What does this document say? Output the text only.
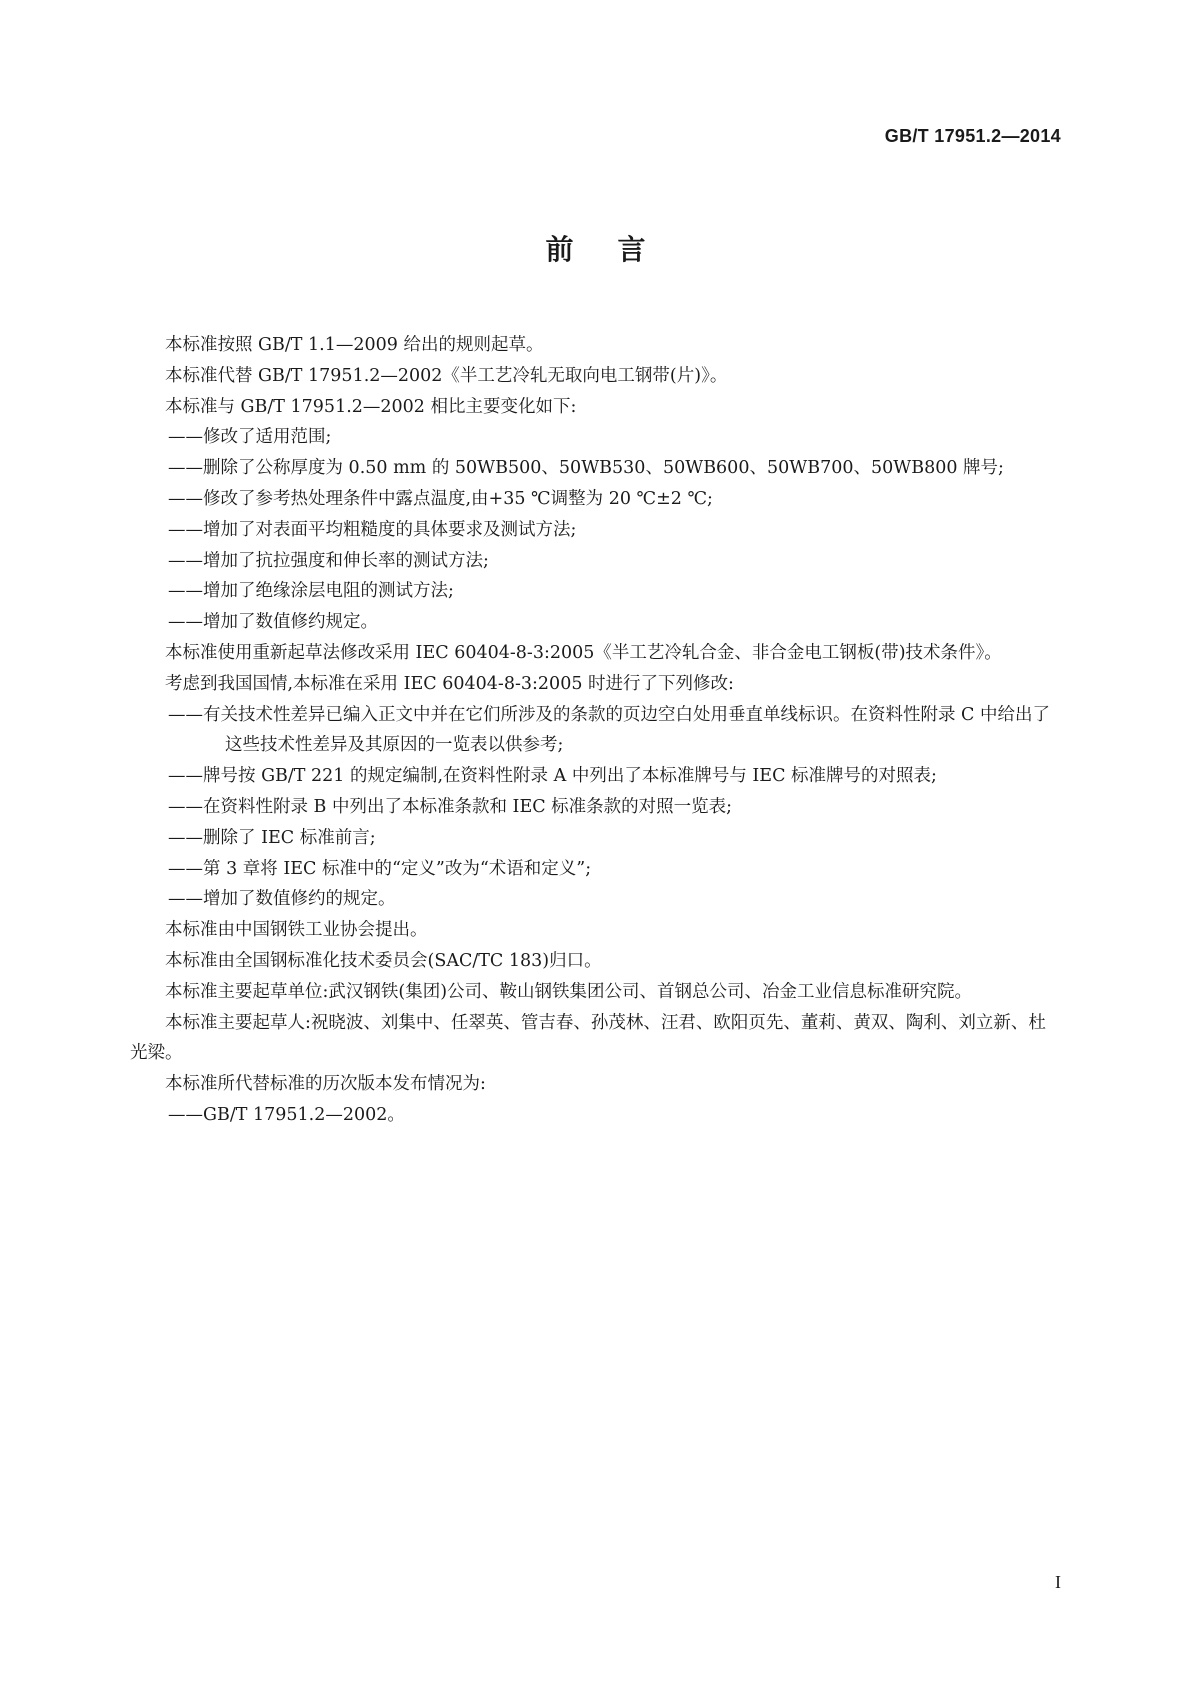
GB/T 17951.2—2014
前言

本标准按照 GB/T 1.1—2009 给出的规则起草。

本标准代替 GB/T 17951.2—2002《半工艺冷轧无取向电工钢带(片)》。

本标准与 GB/T 17951.2—2002 相比主要变化如下:

——修改了适用范围;

——删除了公称厚度为 0.50 mm 的 50WB500、50WB530、50WB600、50WB700、50WB800 牌号;

——修改了参考热处理条件中露点温度,由+35 ℃调整为 20 ℃±2 ℃;

——增加了对表面平均粗糙度的具体要求及测试方法;

——增加了抗拉强度和伸长率的测试方法;

——增加了绝缘涂层电阻的测试方法;

——增加了数值修约规定。

本标准使用重新起草法修改采用 IEC 60404-8-3:2005《半工艺冷轧合金、非合金电工钢板(带)技术条件》。

考虑到我国国情,本标准在采用 IEC 60404-8-3:2005 时进行了下列修改:

——有关技术性差异已编入正文中并在它们所涉及的条款的页边空白处用垂直单线标识。在资料性附录 C 中给出了这些技术性差异及其原因的一览表以供参考;

——牌号按 GB/T 221 的规定编制,在资料性附录 A 中列出了本标准牌号与 IEC 标准牌号的对照表;

——在资料性附录 B 中列出了本标准条款和 IEC 标准条款的对照一览表;

——删除了 IEC 标准前言;

——第 3 章将 IEC 标准中的“定义”改为“术语和定义”;

——增加了数值修约的规定。

本标准由中国钢铁工业协会提出。

本标准由全国钢标准化技术委员会(SAC/TC 183)归口。

本标准主要起草单位:武汉钢铁(集团)公司、鞍山钢铁集团公司、首钢总公司、冶金工业信息标准研究院。

本标准主要起草人:祝晓波、刘集中、任翠英、管吉春、孙茂林、汪君、欧阳页先、董莉、黄双、陶利、刘立新、杜光梁。

本标准所代替标准的历次版本发布情况为:

——GB/T 17951.2—2002。

I
